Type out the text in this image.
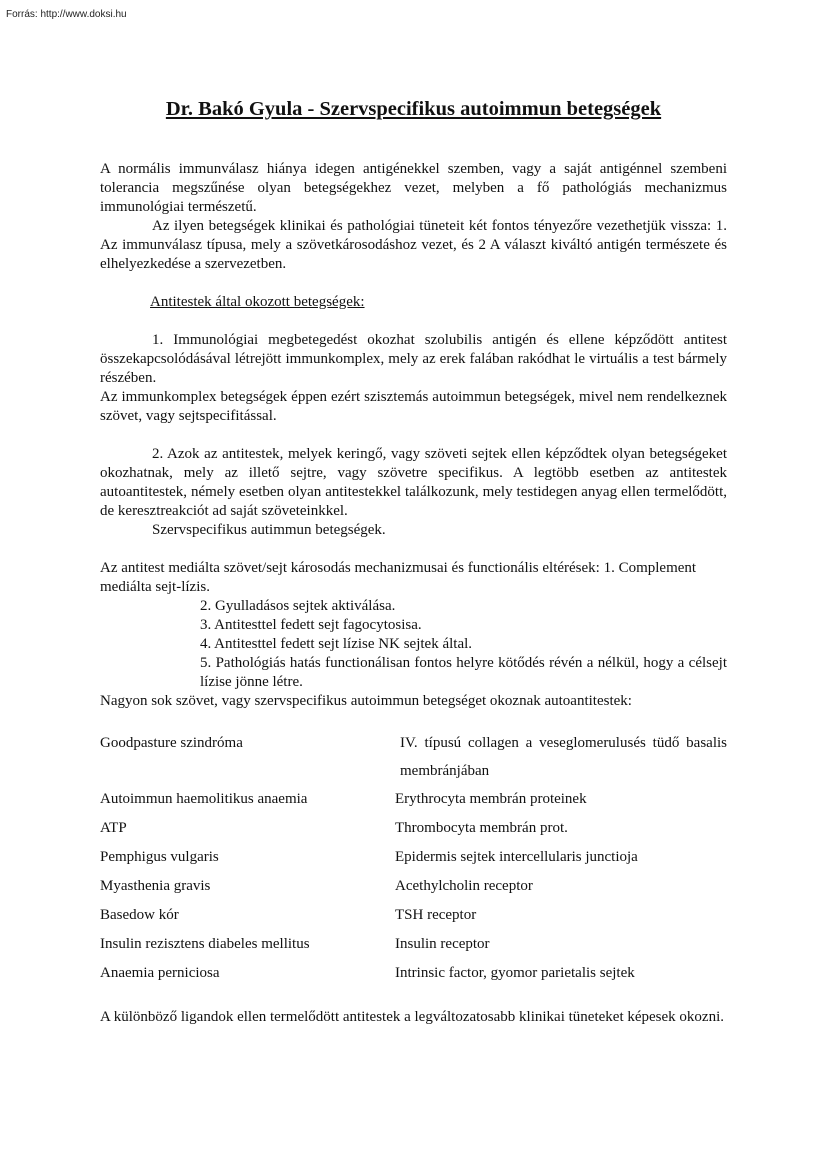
Forrás: http://www.doksi.hu
Dr. Bakó Gyula - Szervspecifikus autoimmun betegségek

A normális immunválasz hiánya idegen antigénekkel szemben, vagy a saját antigénnel szembeni tolerancia megszűnése olyan betegségekhez vezet, melyben a fő pathológiás mechanizmus immunológiai természetű.

Az ilyen betegségek klinikai és pathológiai tüneteit két fontos tényezőre vezethetjük vissza: 1. Az immunválasz típusa, mely a szövetkárosodáshoz vezet, és 2 A választ kiváltó antigén természete és elhelyezkedése a szervezetben.

Antitestek által okozott betegségek:

1. Immunológiai megbetegedést okozhat szolubilis antigén és ellene képződött antitest összekapcsolódásával létrejött immunkomplex, mely az erek falában rakódhat le virtuális a test bármely részében.

Az immunkomplex betegségek éppen ezért szisztemás autoimmun betegségek, mivel nem rendelkeznek szövet, vagy sejtspecifitással.

2. Azok az antitestek, melyek keringő, vagy szöveti sejtek ellen képződtek olyan betegségeket okozhatnak, mely az illető sejtre, vagy szövetre specifikus. A legtöbb esetben az antitestek autoantitestek, némely esetben olyan antitestekkel találkozunk, mely testidegen anyag ellen termelődött, de keresztreakciót ad saját szöveteinkkel.

Szervspecifikus autimmun betegségek.

Az antitest mediálta szövet/sejt károsodás mechanizmusai és functionális eltérések: 1. Complement mediálta sejt-lízis.

2. Gyulladásos sejtek aktiválása.

3. Antitesttel fedett sejt fagocytosisa.

4. Antitesttel fedett sejt lízise NK sejtek által.

5. Pathológiás hatás functionálisan fontos helyre kötődés révén a nélkül, hogy a célsejt lízise jönne létre.

Nagyon sok szövet, vagy szervspecifikus autoimmun betegséget okoznak autoantitestek:

Goodpasture szindróma	IV. típusú collagen a veseglomerulusés tüdő basalis membránjában
Autoimmun haemolitikus anaemia	Erythrocyta membrán proteinek
ATP	Thrombocyta membrán prot.
Pemphigus vulgaris	Epidermis sejtek intercellularis junctioja
Myasthenia gravis	Acethylcholin receptor
Basedow kór	TSH receptor
Insulin rezisztens diabeles mellitus	Insulin receptor
Anaemia perniciosa	Intrinsic factor, gyomor parietalis sejtek

A különböző ligandok ellen termelődött antitestek a legváltozatosabb klinikai tüneteket képesek okozni.
